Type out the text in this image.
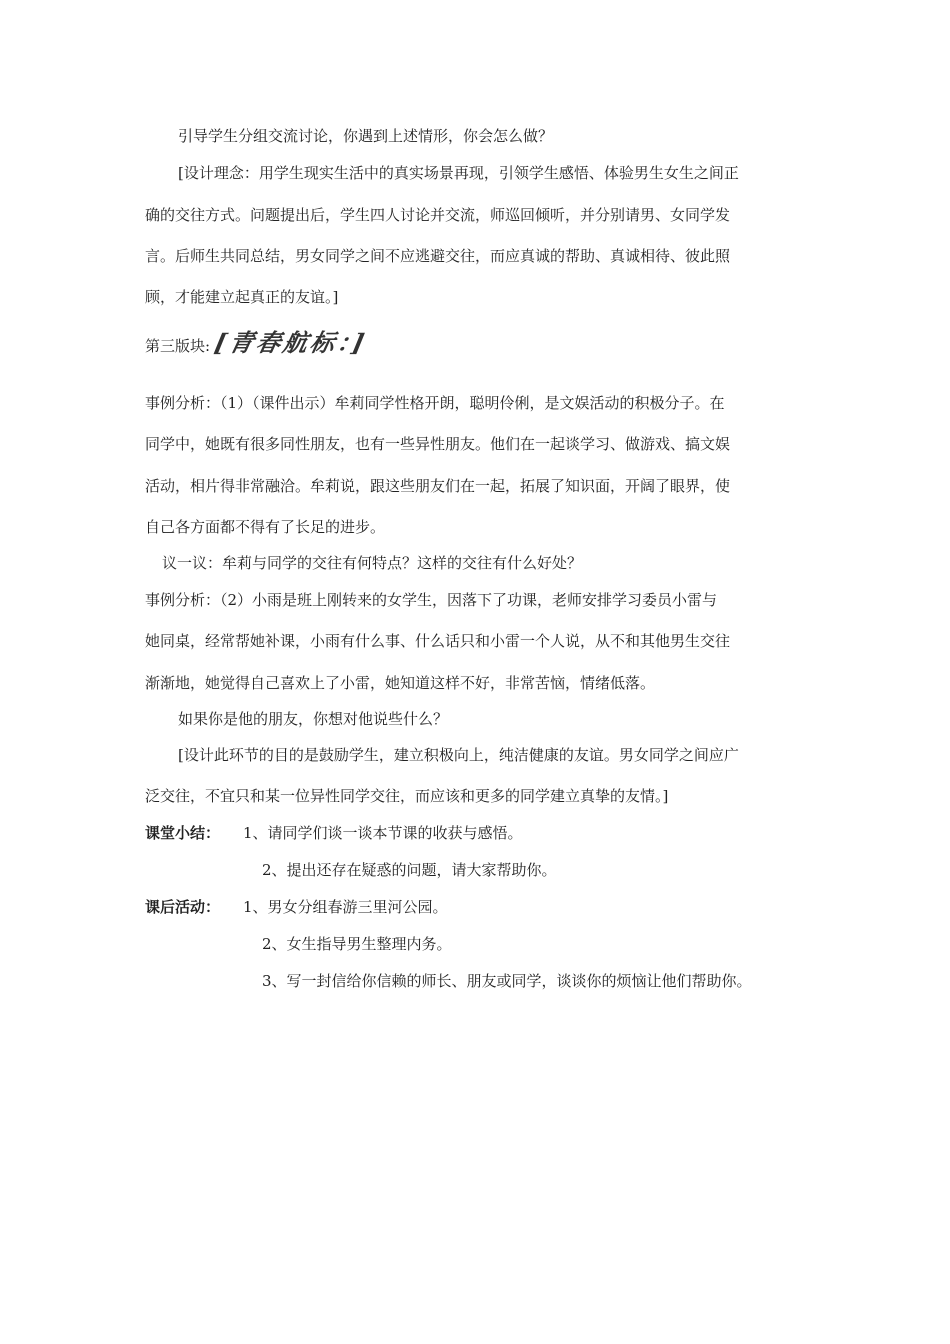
引导学生分组交流讨论，你遇到上述情形，你会怎么做？
[设计理念：用学生现实生活中的真实场景再现，引领学生感悟、体验男生女生之间正
确的交往方式。问题提出后，学生四人讨论并交流，师巡回倾听，并分别请男、女同学发
言。后师生共同总结，男女同学之间不应逃避交往，而应真诚的帮助、真诚相待、彼此照
顾，才能建立起真正的友谊。]
第三版块: [青春航标：]
事例分析：（1）（课件出示）牟莉同学性格开朗，聪明伶俐，是文娱活动的积极分子。在
同学中，她既有很多同性朋友，也有一些异性朋友。他们在一起谈学习、做游戏、搞文娱
活动，相片得非常融洽。牟莉说，跟这些朋友们在一起，拓展了知识面，开阔了眼界，使
自己各方面都不得有了长足的进步。
议一议：牟莉与同学的交往有何特点？这样的交往有什么好处？
事例分析：（2）小雨是班上刚转来的女学生，因落下了功课，老师安排学习委员小雷与
她同桌，经常帮她补课，小雨有什么事、什么话只和小雷一个人说，从不和其他男生交往
渐渐地，她觉得自己喜欢上了小雷，她知道这样不好，非常苦恼，情绪低落。
如果你是他的朋友，你想对他说些什么？
[设计此环节的目的是鼓励学生，建立积极向上，纯洁健康的友谊。男女同学之间应广
泛交往，不宜只和某一位异性同学交往，而应该和更多的同学建立真挚的友情。]
课堂小结： 1、请同学们谈一谈本节课的收获与感悟。
2、提出还存在疑惑的问题，请大家帮助你。
课后活动： 1、男女分组春游三里河公园。
2、女生指导男生整理内务。
3、写一封信给你信赖的师长、朋友或同学，谈谈你的烦恼让他们帮助你。
